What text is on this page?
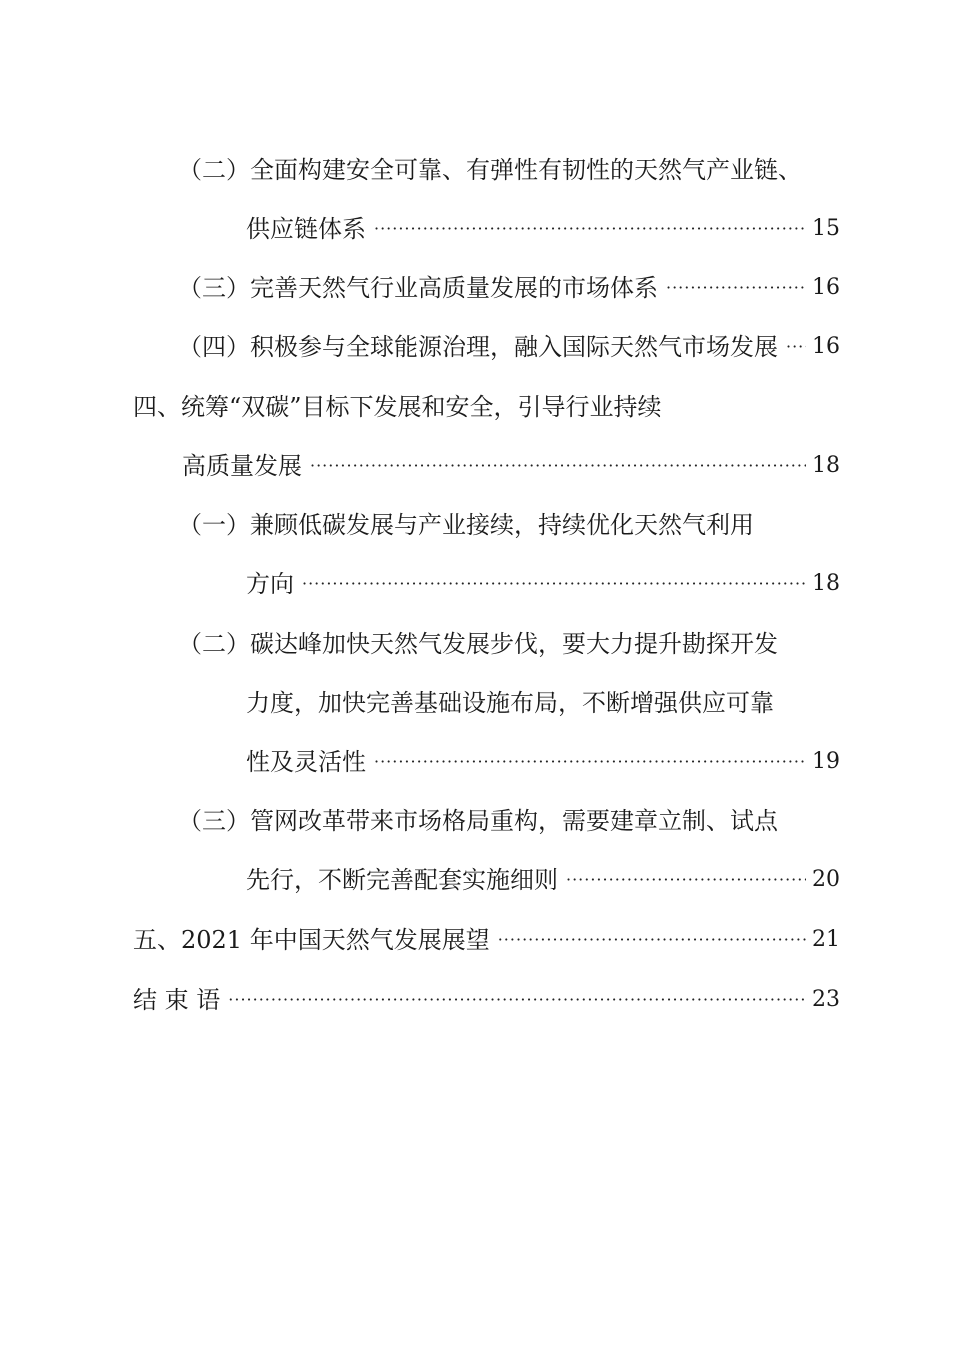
（二）全面构建安全可靠、有弹性有韧性的天然气产业链、
供应链体系 ·····	15
（三）完善天然气行业高质量发展的市场体系 ·····	16
（四）积极参与全球能源治理，融入国际天然气市场发展 ····· 16
四、统筹“双碳”目标下发展和安全，引导行业持续
高质量发展 ·····	18
（一）兼顾低碳发展与产业接续，持续优化天然气利用
方向 ·····	18
（二）碳达峰加快天然气发展步伐，要大力提升勘探开发
力度，加快完善基础设施布局，不断增强供应可靠
性及灵活性 ·····	19
（三）管网改革带来市场格局重构，需要建章立制、试点
先行，不断完善配套实施细则 ·····	20
五、2021 年中国天然气发展展望 ·····	21
结 束 语 ·····	23
